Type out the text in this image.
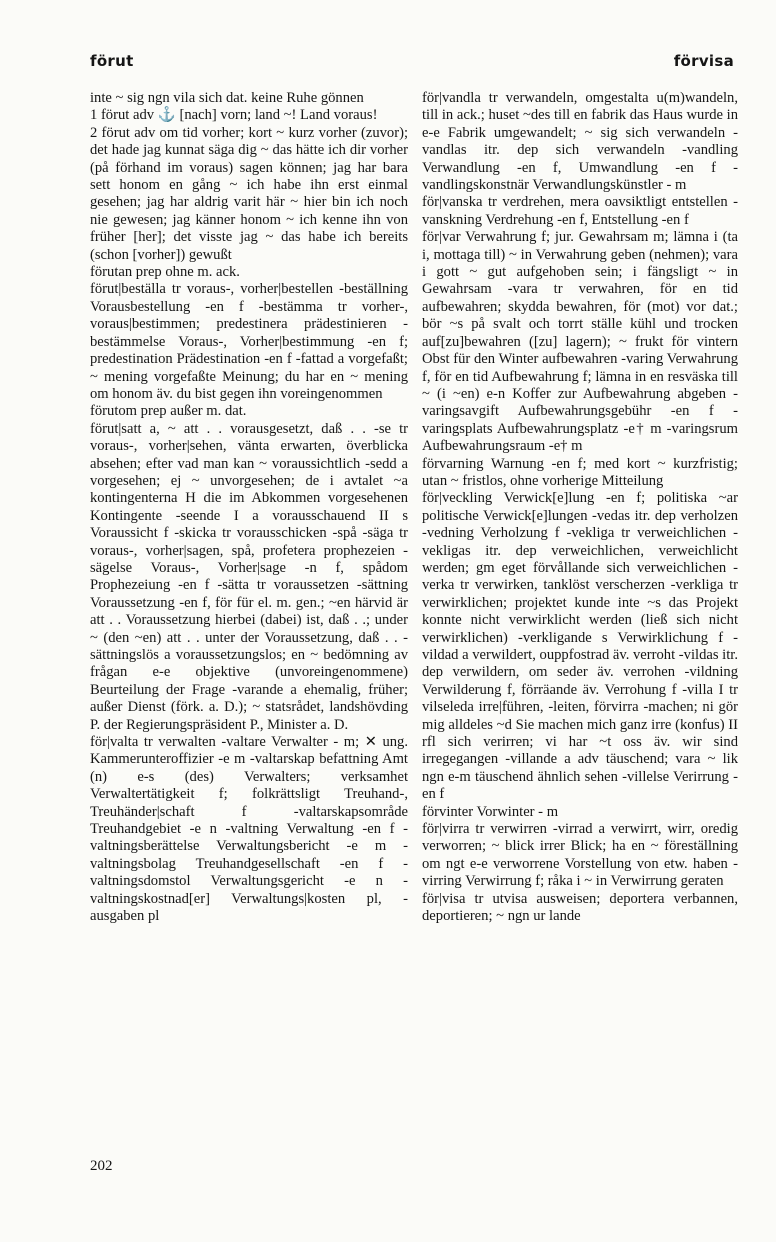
förut	förvisa

inte ~ sig ngn vila sich dat. keine Ruhe gönnen

1 förut adv ⚓ [nach] vorn; land ~! Land voraus!

2 förut adv om tid vorher; kort ~ kurz vorher (zuvor); det hade jag kunnat säga dig ~ das hätte ich dir vorher (på förhand im voraus) sagen können; jag har bara sett honom en gång ~ ich habe ihn erst einmal gesehen; jag har aldrig varit här ~ hier bin ich noch nie gewesen; jag känner honom ~ ich kenne ihn von früher [her]; det visste jag ~ das habe ich bereits (schon [vorher]) gewußt

förutan prep ohne m. ack.

förut|beställa tr voraus-, vorher|bestellen -beställning Vorausbestellung -en f -bestämma tr vorher-, voraus|bestimmen; predestinera prädestinieren -bestämmelse Voraus-, Vorher|bestimmung -en f; predestination Prädestination -en f -fattad a vorgefaßt; ~ mening vorgefaßte Meinung; du har en ~ mening om honom äv. du bist gegen ihn voreingenommen

förutom prep außer m. dat.

förut|satt a, ~ att . . vorausgesetzt, daß . . -se tr voraus-, vorher|sehen, vänta erwarten, överblicka absehen; efter vad man kan ~ voraussichtlich -sedd a vorgesehen; ej ~ unvorgesehen; de i avtalet ~a kontingenterna H die im Abkommen vorgesehenen Kontingente -seende I a vorausschauend II s Voraussicht f -skicka tr vorausschicken -spå -säga tr voraus-, vorher|sagen, spå, profetera prophezeien -sägelse Voraus-, Vorher|sage -n f, spådom Prophezeiung -en f -sätta tr voraussetzen -sättning Voraussetzung -en f, för für el. m. gen.; ~en härvid är att . . Voraussetzung hierbei (dabei) ist, daß . .; under ~ (den ~en) att . . unter der Voraussetzung, daß . . -sättningslös a voraussetzungslos; en ~ bedömning av frågan e-e objektive (unvoreingenommene) Beurteilung der Frage -varande a ehemalig, früher; außer Dienst (förk. a. D.); ~ statsrådet, landshövding P. der Regierungspräsident P., Minister a. D.

för|valta tr verwalten -valtare Verwalter - m; ✕ ung. Kammerunteroffizier -e m -valtarskap befattning Amt (n) e-s (des) Verwalters; verksamhet Verwaltertätigkeit f; folkrättsligt Treuhand-, Treuhänder|schaft f -valtarskapsområde Treuhandgebiet -e n -valtning Verwaltung -en f -valtningsberättelse Verwaltungsbericht -e m -valtningsbolag Treuhandgesellschaft -en f -valtningsdomstol Verwaltungsgericht -e n -valtningskostnad[er] Verwaltungs|kosten pl, -ausgaben pl

för|vandla tr verwandeln, omgestalta u(m)wandeln, till in ack.; huset ~des till en fabrik das Haus wurde in e-e Fabrik umgewandelt; ~ sig sich verwandeln -vandlas itr. dep sich verwandeln -vandling Verwandlung -en f, Umwandlung -en f -vandlingskonstnär Verwandlungskünstler - m

för|vanska tr verdrehen, mera oavsiktligt entstellen -vanskning Verdrehung -en f, Entstellung -en f

för|var Verwahrung f; jur. Gewahrsam m; lämna i (ta i, mottaga till) ~ in Verwahrung geben (nehmen); vara i gott ~ gut aufgehoben sein; i fängsligt ~ in Gewahrsam -vara tr verwahren, för en tid aufbewahren; skydda bewahren, för (mot) vor dat.; bör ~s på svalt och torrt ställe kühl und trocken auf[zu]bewahren ([zu] lagern); ~ frukt för vintern Obst für den Winter aufbewahren -varing Verwahrung f, för en tid Aufbewahrung f; lämna in en resväska till ~ (i ~en) e-n Koffer zur Aufbewahrung abgeben -varingsavgift Aufbewahrungsgebühr -en f -varingsplats Aufbewahrungsplatz -e† m -varingsrum Aufbewahrungsraum -e† m

förvarning Warnung -en f; med kort ~ kurzfristig; utan ~ fristlos, ohne vorherige Mitteilung

för|veckling Verwick[e]lung -en f; politiska ~ar politische Verwick[e]lungen -vedas itr. dep verholzen -vedning Verholzung f -vekliga tr verweichlichen -vekligas itr. dep verweichlichen, verweichlicht werden; gm eget förvållande sich verweichlichen -verka tr verwirken, tanklöst verscherzen -verkliga tr verwirklichen; projektet kunde inte ~s das Projekt konnte nicht verwirklicht werden (ließ sich nicht verwirklichen) -verkligande s Verwirklichung f -vildad a verwildert, ouppfostrad äv. verroht -vildas itr. dep verwildern, om seder äv. verrohen -vildning Verwilderung f, förräande äv. Verrohung f -villa I tr vilseleda irre|führen, -leiten, förvirra -machen; ni gör mig alldeles ~d Sie machen mich ganz irre (konfus) II rfl sich verirren; vi har ~t oss äv. wir sind irregegangen -villande a adv täuschend; vara ~ lik ngn e-m täuschend ähnlich sehen -villelse Verirrung -en f

förvinter Vorwinter - m

för|virra tr verwirren -virrad a verwirrt, wirr, oredig verworren; ~ blick irrer Blick; ha en ~ föreställning om ngt e-e verworrene Vorstellung von etw. haben -virring Verwirrung f; råka i ~ in Verwirrung geraten

för|visa tr utvisa ausweisen; deportera verbannen, deportieren; ~ ngn ur lande

202
